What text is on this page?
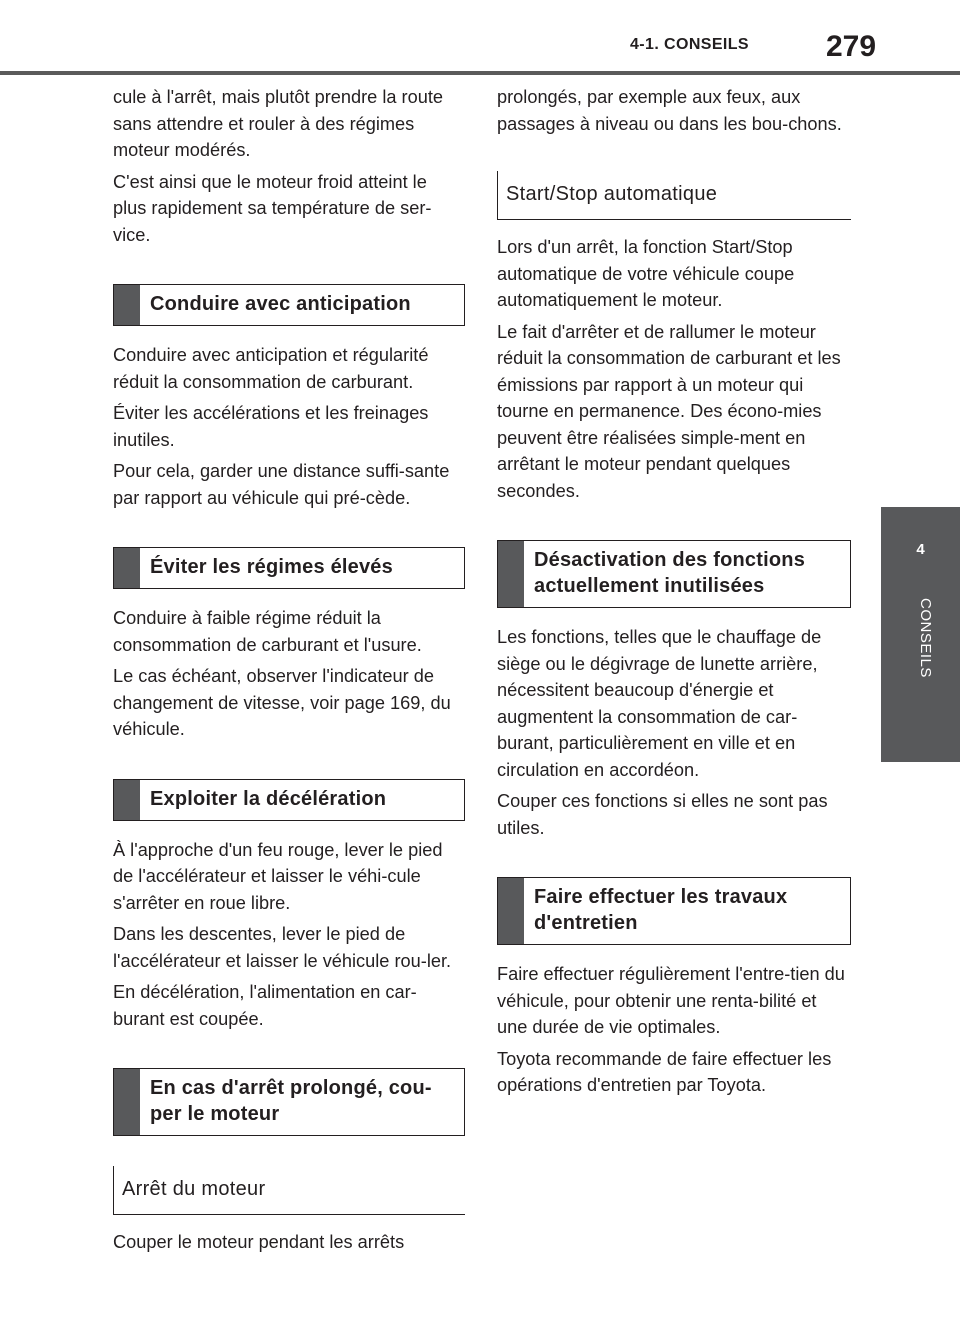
4-1. CONSEILS	279
4
CONSEILS

cule à l'arrêt, mais plutôt prendre la route sans attendre et rouler à des régimes moteur modérés.

C'est ainsi que le moteur froid atteint le plus rapidement sa température de ser-vice.

Conduire avec anticipation

Conduire avec anticipation et régularité réduit la consommation de carburant.

Éviter les accélérations et les freinages inutiles.

Pour cela, garder une distance suffi-sante par rapport au véhicule qui pré-cède.

Éviter les régimes élevés

Conduire à faible régime réduit la consommation de carburant et l'usure.

Le cas échéant, observer l'indicateur de changement de vitesse, voir page 169, du véhicule.

Exploiter la décélération

À l'approche d'un feu rouge, lever le pied de l'accélérateur et laisser le véhi-cule s'arrêter en roue libre.

Dans les descentes, lever le pied de l'accélérateur et laisser le véhicule rou-ler.

En décélération, l'alimentation en car-burant est coupée.

En cas d'arrêt prolongé, cou-per le moteur
Arrêt du moteur

Couper le moteur pendant les arrêts

prolongés, par exemple aux feux, aux passages à niveau ou dans les bou-chons.

Start/Stop automatique

Lors d'un arrêt, la fonction Start/Stop automatique de votre véhicule coupe automatiquement le moteur.

Le fait d'arrêter et de rallumer le moteur réduit la consommation de carburant et les émissions par rapport à un moteur qui tourne en permanence. Des écono-mies peuvent être réalisées simple-ment en arrêtant le moteur pendant quelques secondes.

Désactivation des fonctions actuellement inutilisées

Les fonctions, telles que le chauffage de siège ou le dégivrage de lunette arrière, nécessitent beaucoup d'énergie et augmentent la consommation de car-burant, particulièrement en ville et en circulation en accordéon.

Couper ces fonctions si elles ne sont pas utiles.

Faire effectuer les travaux d'entretien

Faire effectuer régulièrement l'entre-tien du véhicule, pour obtenir une renta-bilité et une durée de vie optimales.

Toyota recommande de faire effectuer les opérations d'entretien par Toyota.
